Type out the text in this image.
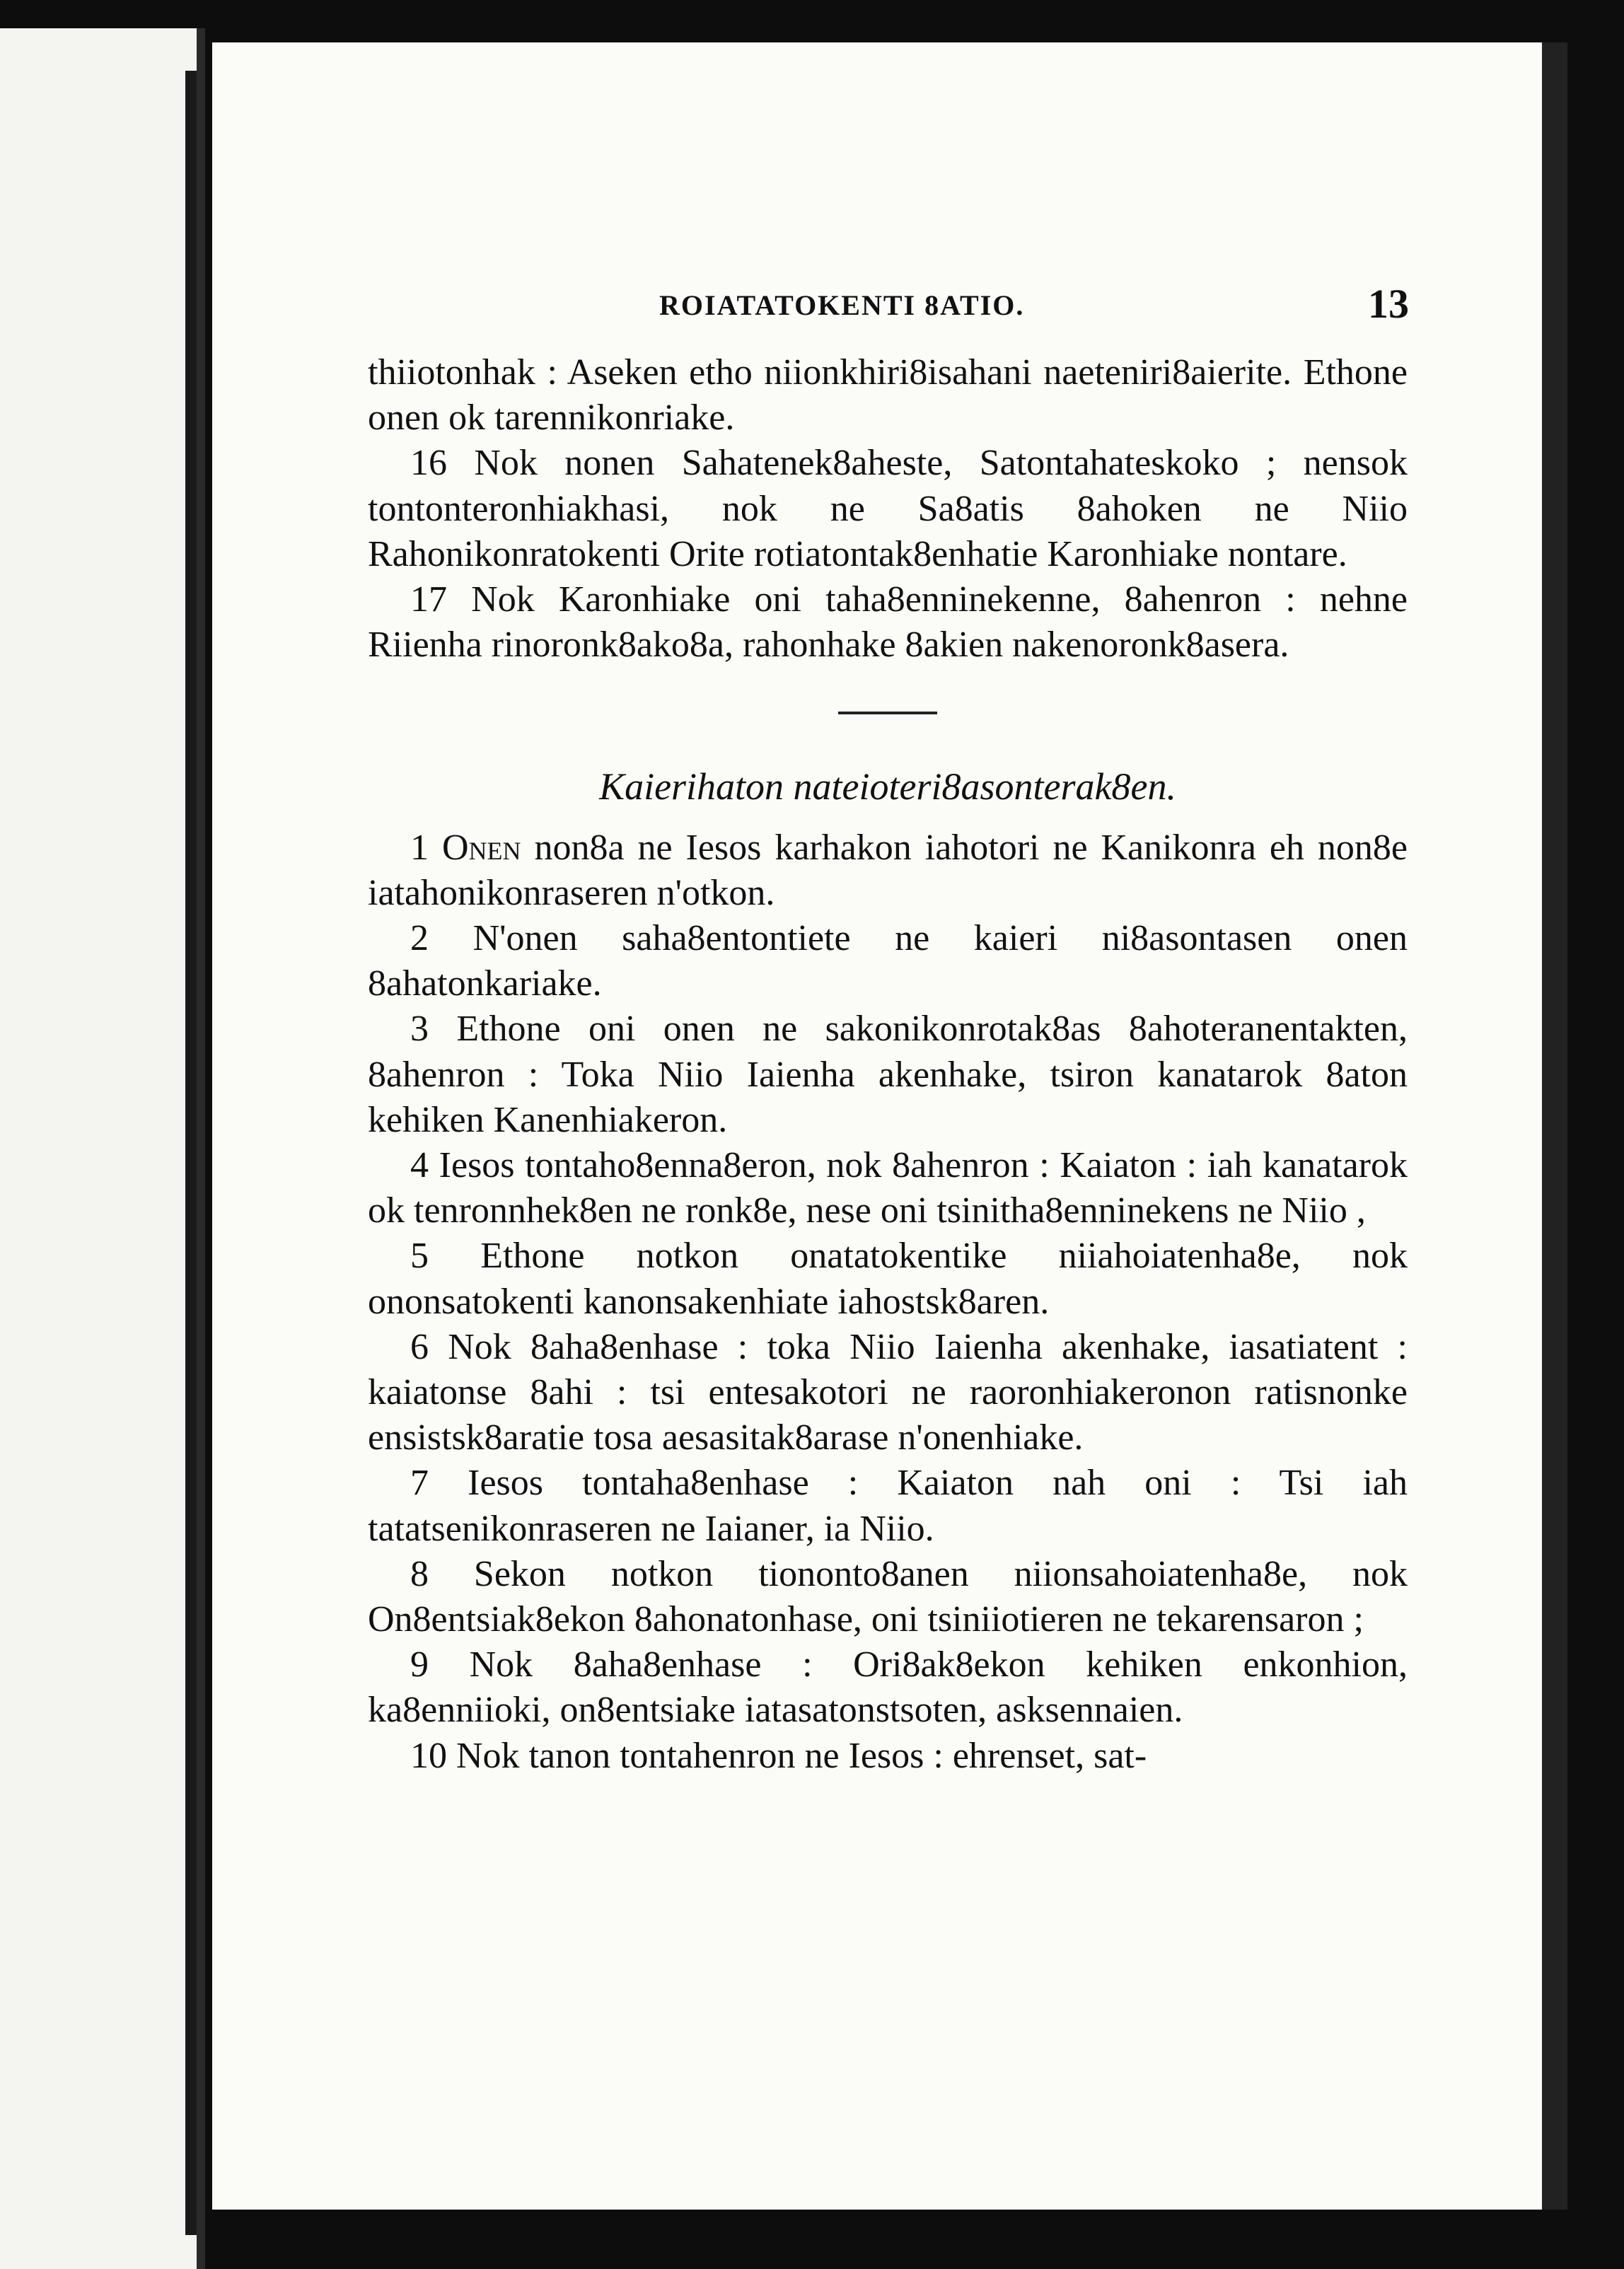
ROIATATOKENTI 8ATIO.	13

thiiotonhak : Aseken etho niionkhiri8isahani naeteniri8aierite. Ethone onen ok tarennikonriake.

16 Nok nonen Sahatenek8aheste, Satontahateskoko ; nensok tontonteronhiakhasi, nok ne Sa8atis 8ahoken ne Niio Rahonikonratokenti Orite rotiatontak8enhatie Karonhiake nontare.

17 Nok Karonhiake oni taha8enninekenne, 8ahenron : nehne Riienha rinoronk8ako8a, rahonhake 8akien nakenoronk8asera.

Kaierihaton nateioteri8asonterak8en.

1 Onen non8a ne Iesos karhakon iahotori ne Kanikonra eh non8e iatahonikonraseren n'otkon.

2 N'onen saha8entontiete ne kaieri ni8asontasen onen 8ahatonkariake.

3 Ethone oni onen ne sakonikonrotak8as 8ahoteranentakten, 8ahenron : Toka Niio Iaienha akenhake, tsiron kanatarok 8aton kehiken Kanenhiakeron.

4 Iesos tontaho8enna8eron, nok 8ahenron : Kaiaton : iah kanatarok ok tenronnhek8en ne ronk8e, nese oni tsinitha8enninekens ne Niio ,

5 Ethone notkon onatatokentike niiahoiatenha8e, nok ononsatokenti kanonsakenhiate iahostsk8aren.

6 Nok 8aha8enhase : toka Niio Iaienha akenhake, iasatiatent : kaiatonse 8ahi : tsi entesakotori ne raoronhiakeronon ratisnonke ensistsk8aratie tosa aesasitak8arase n'onenhiake.

7 Iesos tontaha8enhase : Kaiaton nah oni : Tsi iah tatatsenikonraseren ne Iaianer, ia Niio.

8 Sekon notkon tiononto8anen niionsahoiatenha8e, nok On8entsiak8ekon 8ahonatonhase, oni tsiniiotieren ne tekarensaron ;

9 Nok 8aha8enhase : Ori8ak8ekon kehiken enkonhion, ka8enniioki, on8entsiake iatasatonstsoten, asksennaien.

10 Nok tanon tontahenron ne Iesos : ehrenset, sat-
